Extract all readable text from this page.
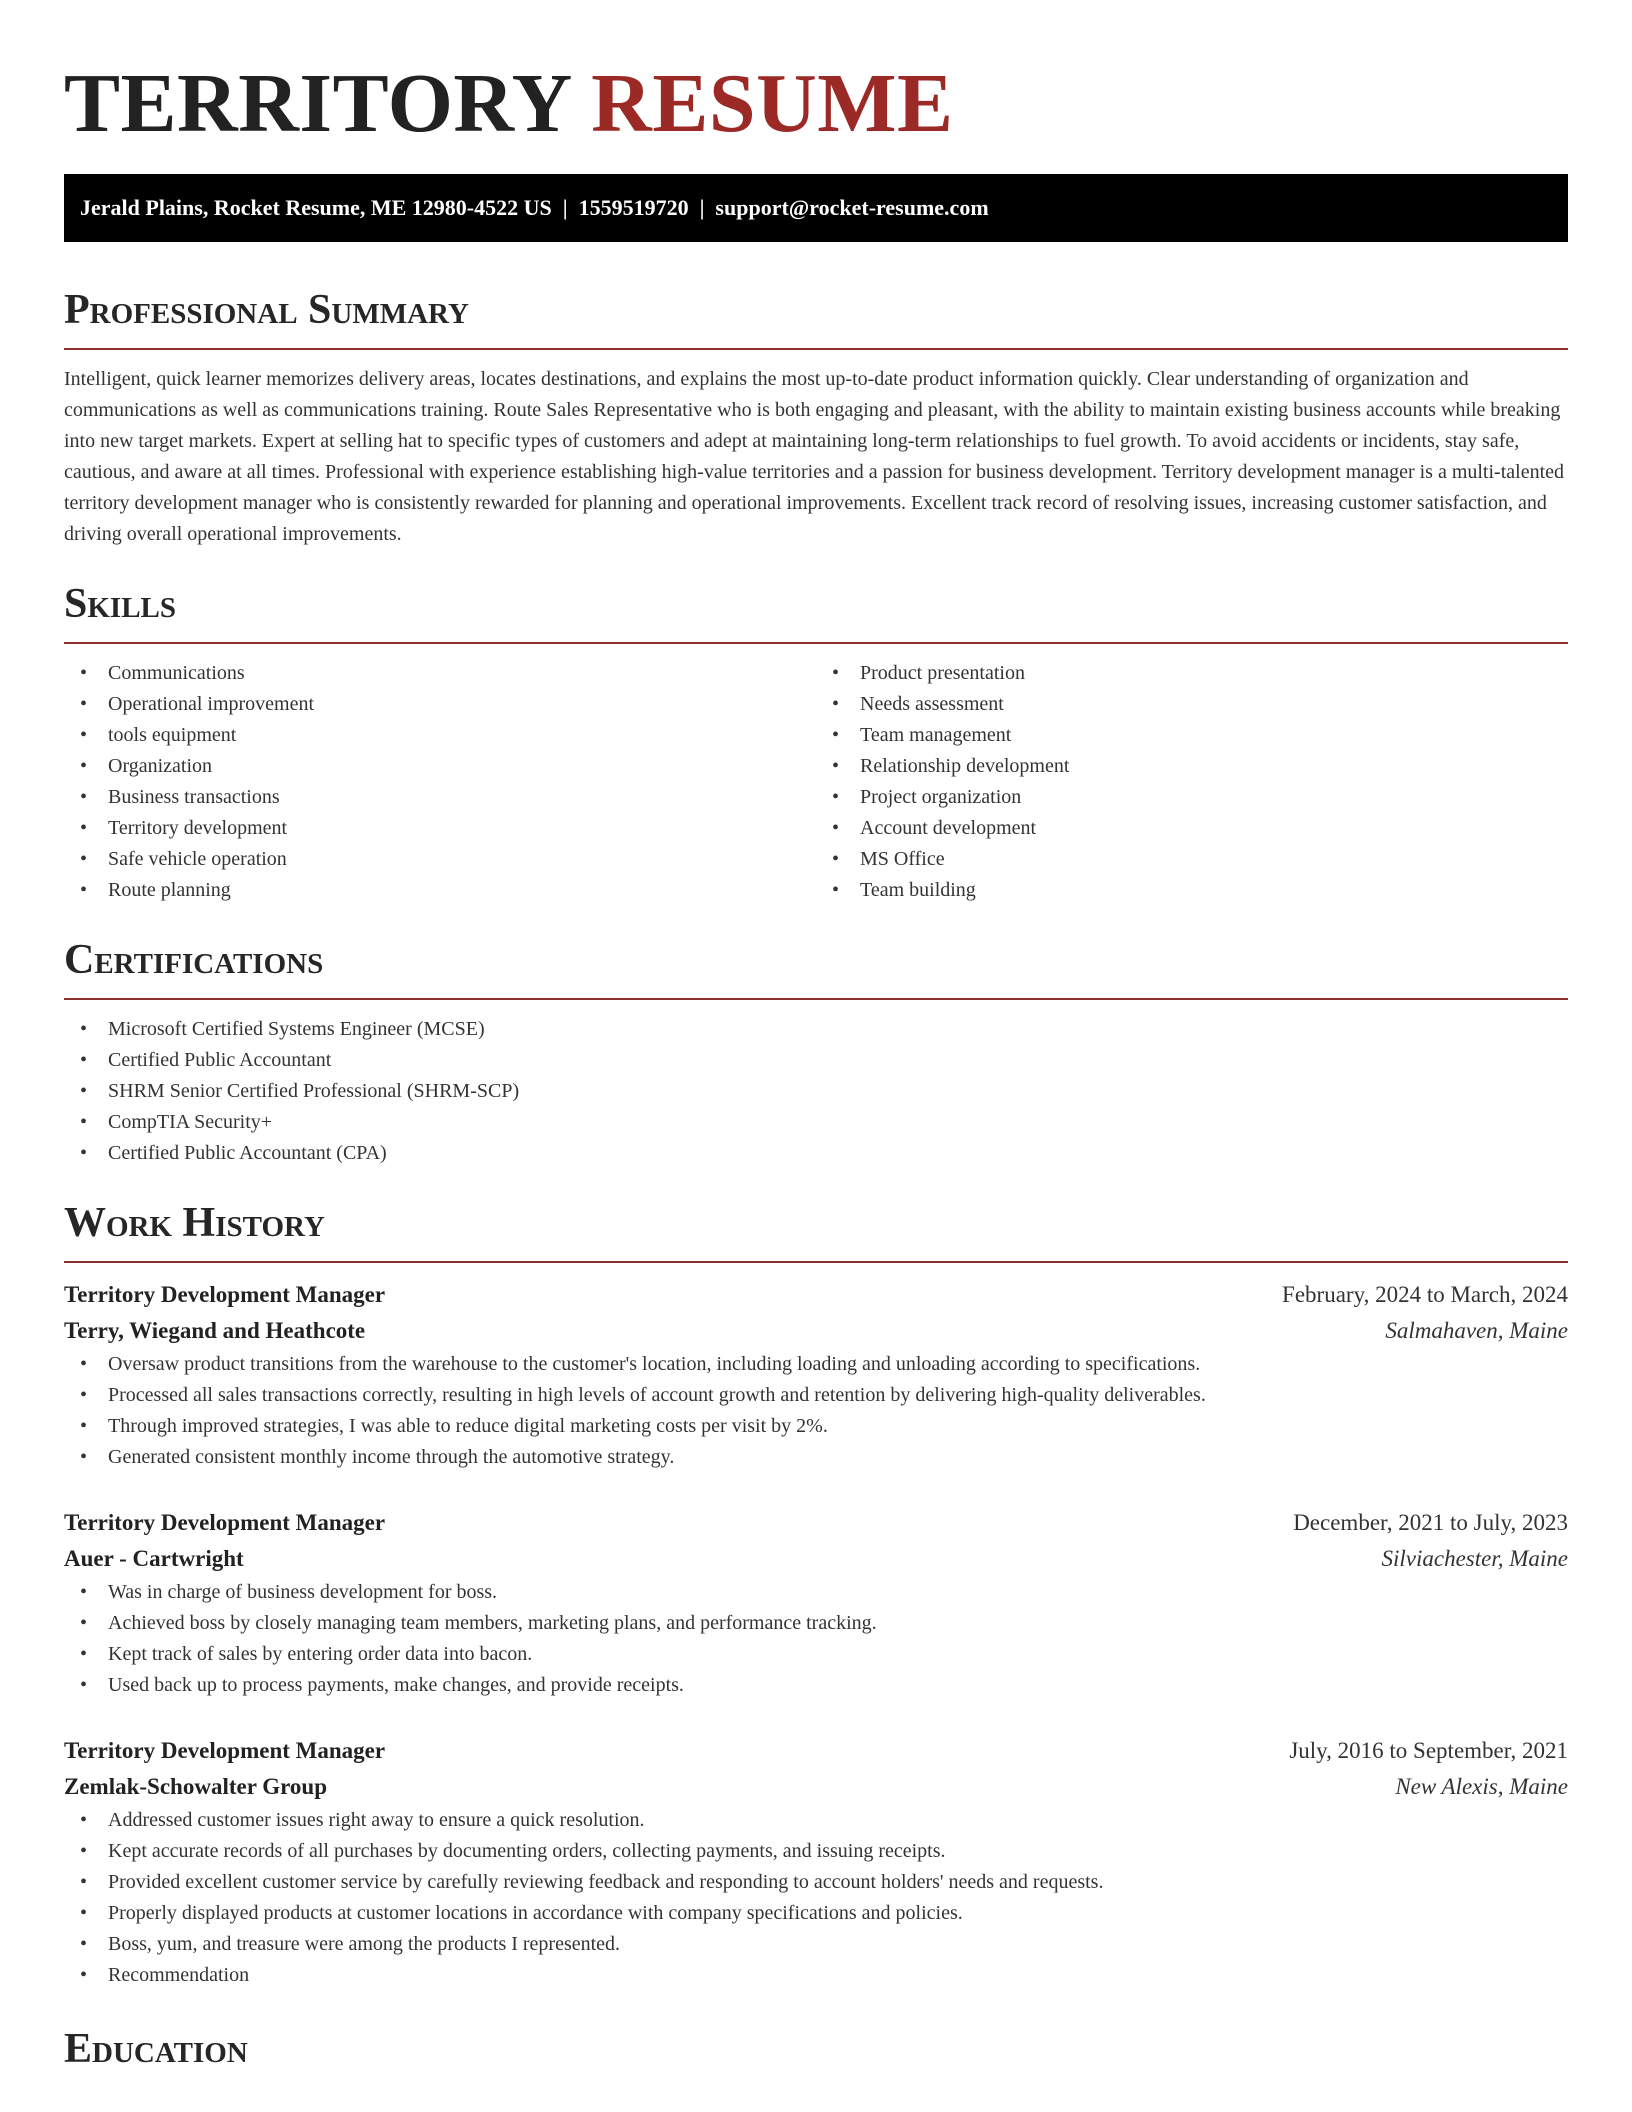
TERRITORY RESUME
Jerald Plains, Rocket Resume, ME 12980-4522 US  |  1559519720  |  support@rocket-resume.com
Professional Summary

Intelligent, quick learner memorizes delivery areas, locates destinations, and explains the most up-to-date product information quickly. Clear understanding of organization and communications as well as communications training. Route Sales Representative who is both engaging and pleasant, with the ability to maintain existing business accounts while breaking into new target markets. Expert at selling hat to specific types of customers and adept at maintaining long-term relationships to fuel growth. To avoid accidents or incidents, stay safe, cautious, and aware at all times. Professional with experience establishing high-value territories and a passion for business development. Territory development manager is a multi-talented territory development manager who is consistently rewarded for planning and operational improvements. Excellent track record of resolving issues, increasing customer satisfaction, and driving overall operational improvements.

Skills
• Communications
• Operational improvement
• tools equipment
• Organization
• Business transactions
• Territory development
• Safe vehicle operation
• Route planning
• Product presentation
• Needs assessment
• Team management
• Relationship development
• Project organization
• Account development
• MS Office
• Team building
Certifications
• Microsoft Certified Systems Engineer (MCSE)
• Certified Public Accountant
• SHRM Senior Certified Professional (SHRM-SCP)
• CompTIA Security+
• Certified Public Accountant (CPA)
Work History
Territory Development Manager	February, 2024 to March, 2024
Terry, Wiegand and Heathcote	Salmahaven, Maine
• Oversaw product transitions from the warehouse to the customer's location, including loading and unloading according to specifications.
• Processed all sales transactions correctly, resulting in high levels of account growth and retention by delivering high-quality deliverables.
• Through improved strategies, I was able to reduce digital marketing costs per visit by 2%.
• Generated consistent monthly income through the automotive strategy.
Territory Development Manager	December, 2021 to July, 2023
Auer - Cartwright	Silviachester, Maine
• Was in charge of business development for boss.
• Achieved boss by closely managing team members, marketing plans, and performance tracking.
• Kept track of sales by entering order data into bacon.
• Used back up to process payments, make changes, and provide receipts.
Territory Development Manager	July, 2016 to September, 2021
Zemlak-Schowalter Group	New Alexis, Maine
• Addressed customer issues right away to ensure a quick resolution.
• Kept accurate records of all purchases by documenting orders, collecting payments, and issuing receipts.
• Provided excellent customer service by carefully reviewing feedback and responding to account holders' needs and requests.
• Properly displayed products at customer locations in accordance with company specifications and policies.
• Boss, yum, and treasure were among the products I represented.
• Recommendation
Education
